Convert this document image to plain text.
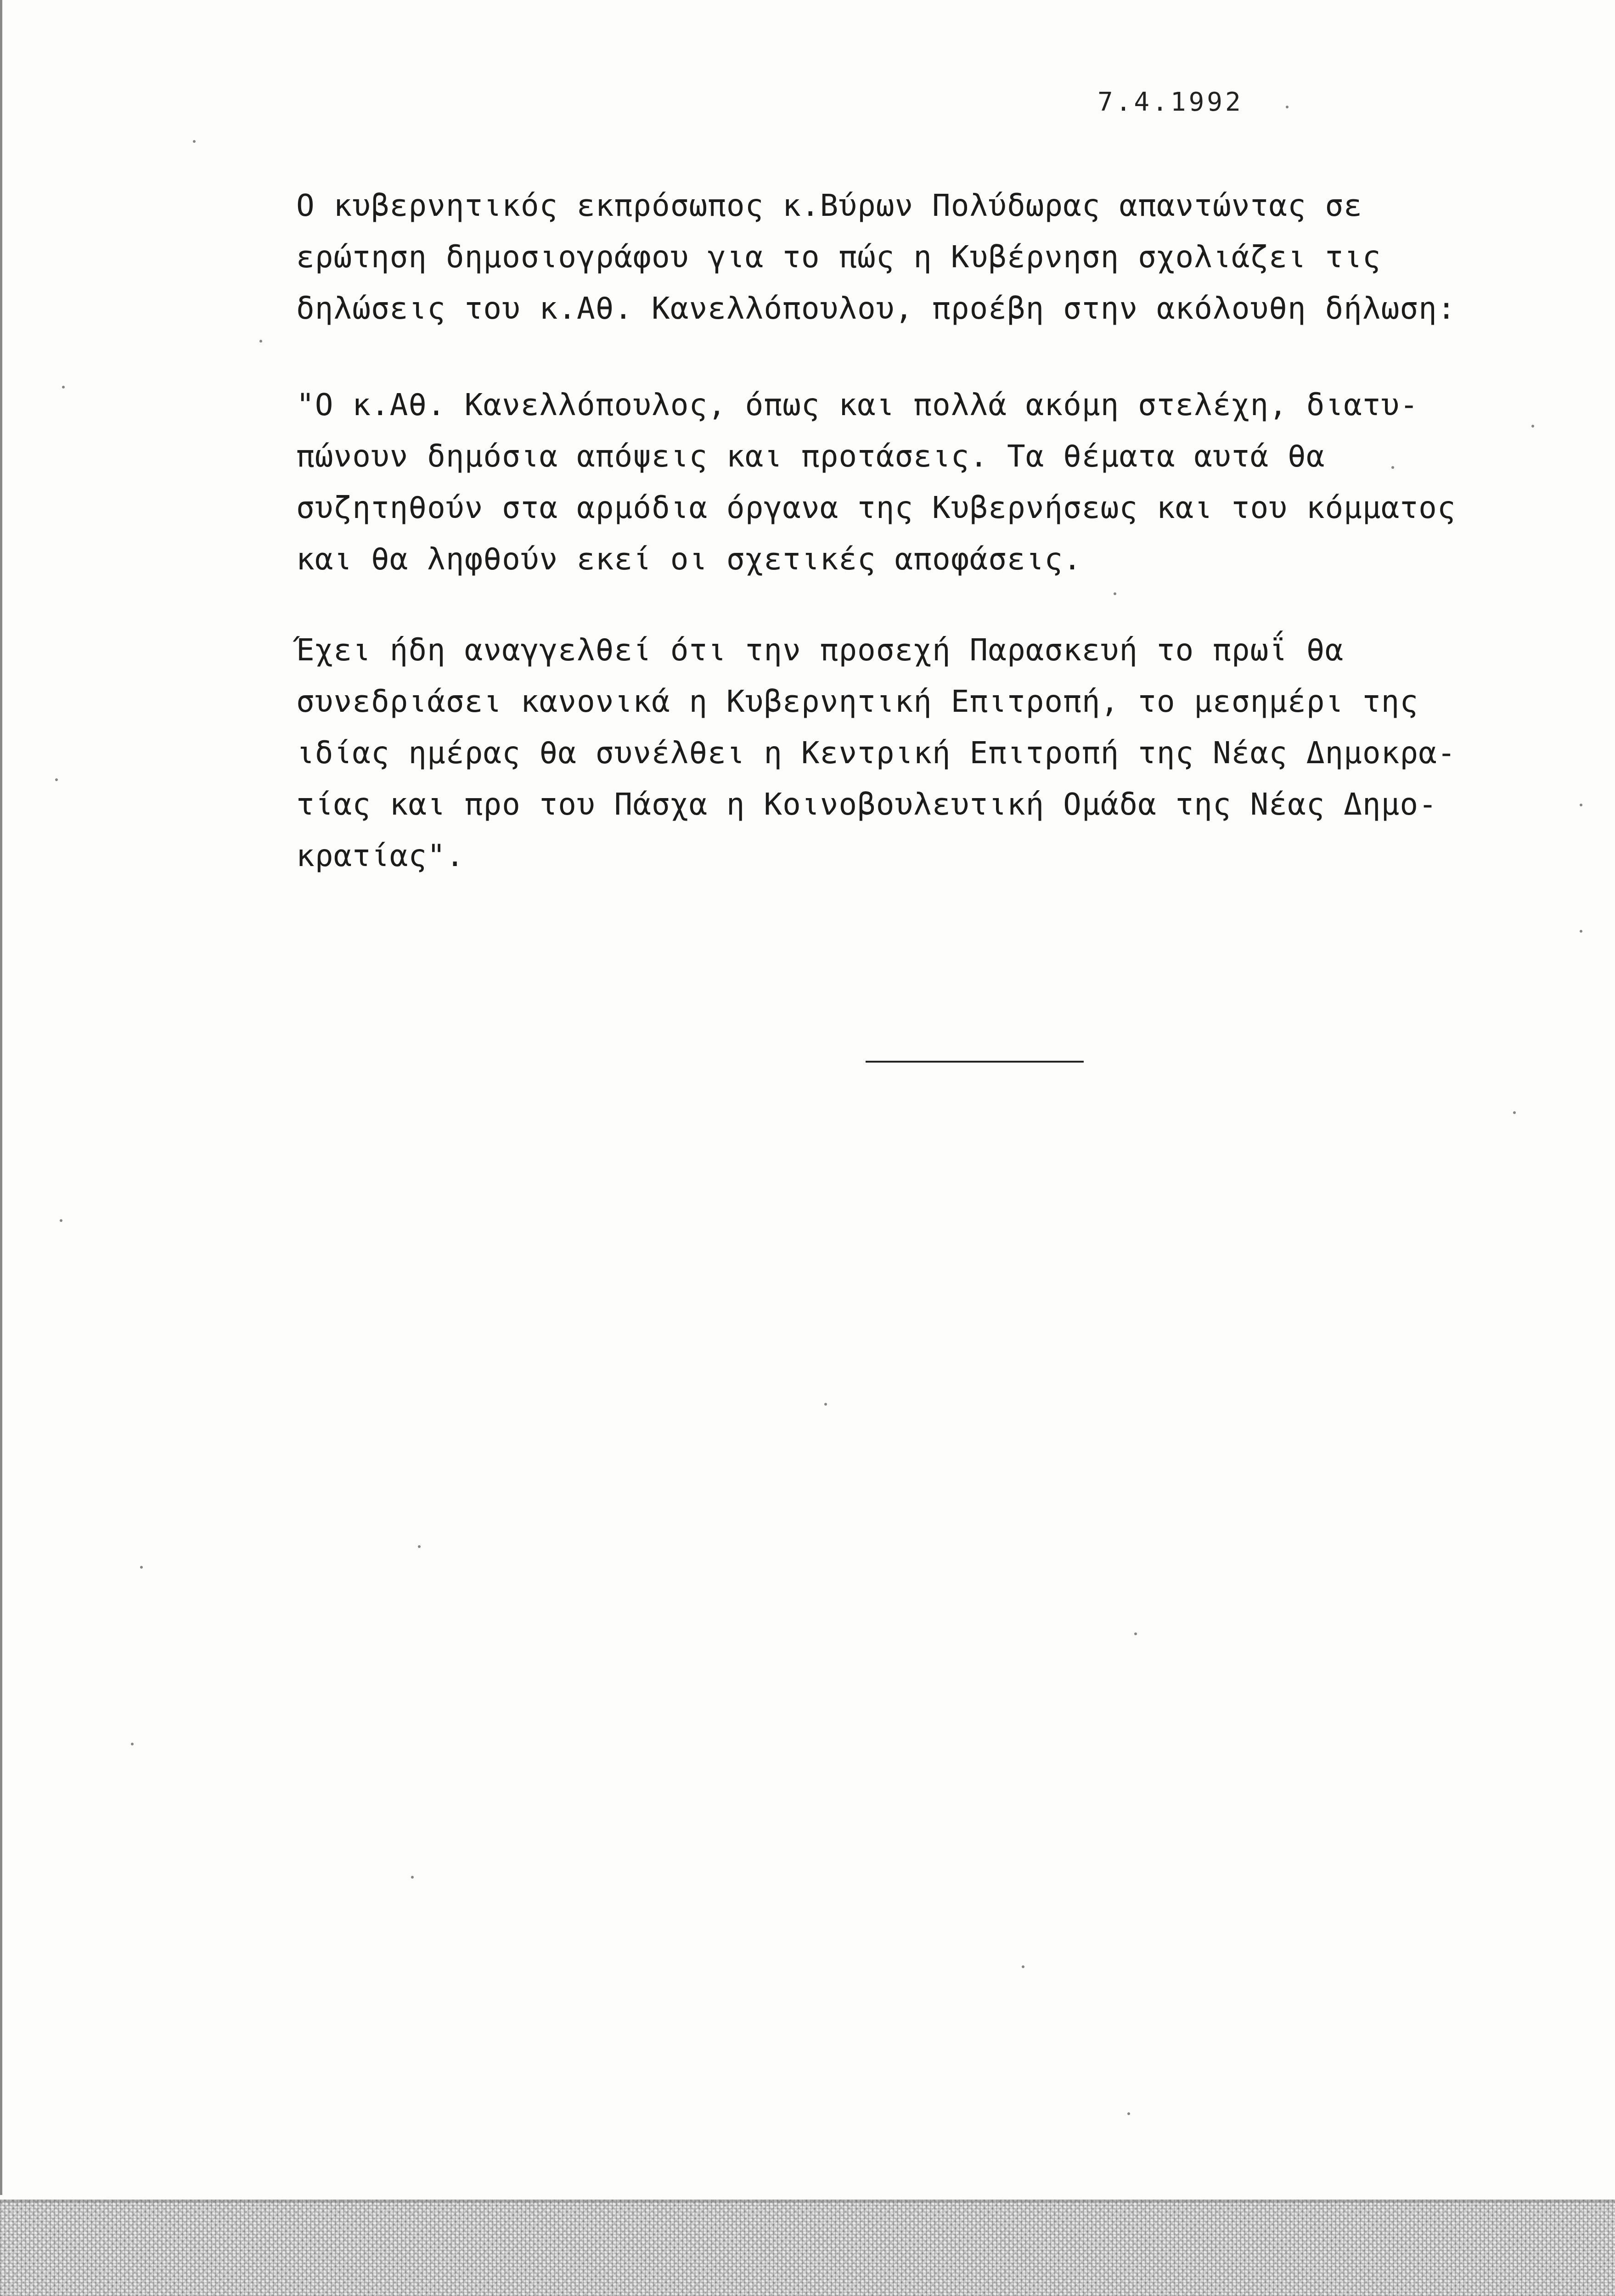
7.4.1992

Ο κυβερνητικός εκπρόσωπος κ.Βύρων Πολύδωρας απαντώντας σε
ερώτηση δημοσιογράφου για το πώς η Κυβέρνηση σχολιάζει τις
δηλώσεις του κ.Αθ. Κανελλόπουλου, προέβη στην ακόλουθη δήλωση:

"Ο κ.Αθ. Κανελλόπουλος, όπως και πολλά ακόμη στελέχη, διατυ-
πώνουν δημόσια απόψεις και προτάσεις. Τα θέματα αυτά θα
συζητηθούν στα αρμόδια όργανα της Κυβερνήσεως και του κόμματος
και θα ληφθούν εκεί οι σχετικές αποφάσεις.

Έχει ήδη αναγγελθεί ότι την προσεχή Παρασκευή το πρωΐ θα
συνεδριάσει κανονικά η Κυβερνητική Επιτροπή, το μεσημέρι της
ιδίας ημέρας θα συνέλθει η Κεντρική Επιτροπή της Νέας Δημοκρα-
τίας και προ του Πάσχα η Κοινοβουλευτική Ομάδα της Νέας Δημο-
κρατίας".
